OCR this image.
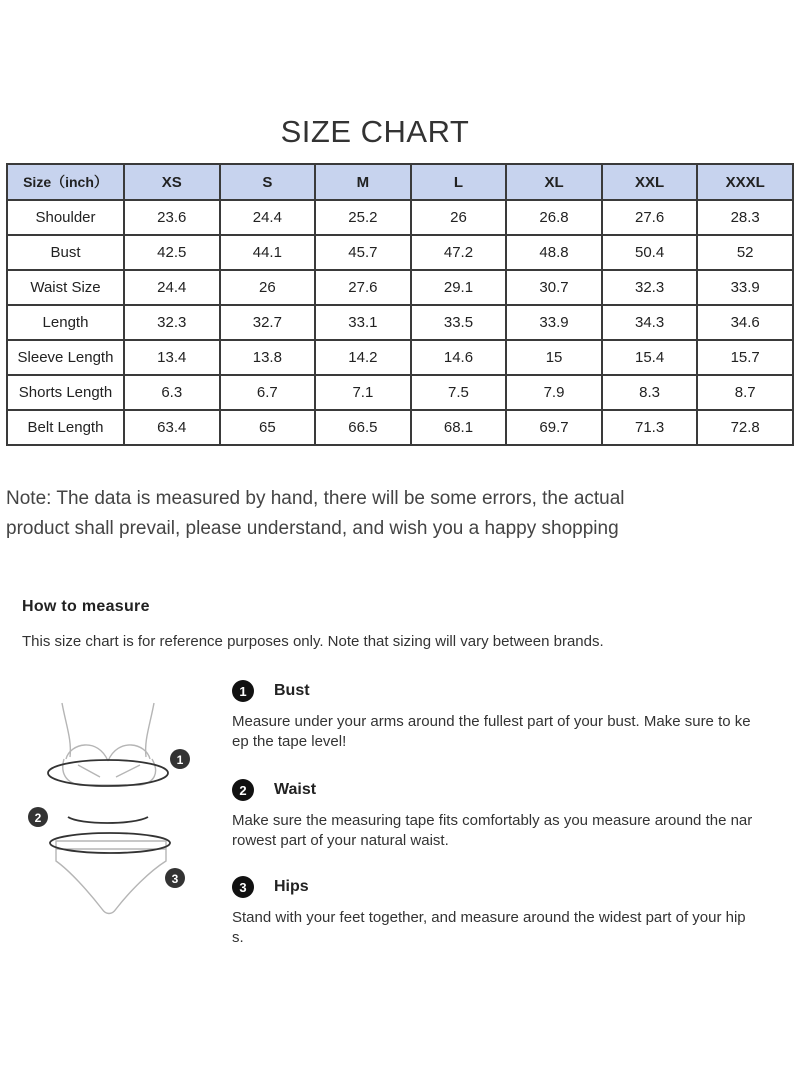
SIZE CHART
Size（inch）	XS	S	M	L	XL	XXL	XXXL
Shoulder	23.6	24.4	25.2	26	26.8	27.6	28.3
Bust	42.5	44.1	45.7	47.2	48.8	50.4	52
Waist Size	24.4	26	27.6	29.1	30.7	32.3	33.9
Length	32.3	32.7	33.1	33.5	33.9	34.3	34.6
Sleeve Length	13.4	13.8	14.2	14.6	15	15.4	15.7
Shorts Length	6.3	6.7	7.1	7.5	7.9	8.3	8.7
Belt Length	63.4	65	66.5	68.1	69.7	71.3	72.8
Note: The data is measured by hand, there will be some errors, the actual product shall prevail, please understand, and wish you a happy shopping
How to measure
This size chart is for reference purposes only. Note that sizing will vary between brands.
1
2
3
1	Bust
Measure under your arms around the fullest part of your bust. Make sure to keep the tape level!
2	Waist
Make sure the measuring tape fits comfortably as you measure around the narrowest part of your natural waist.
3	Hips
Stand with your feet together, and measure around the widest part of your hips.
